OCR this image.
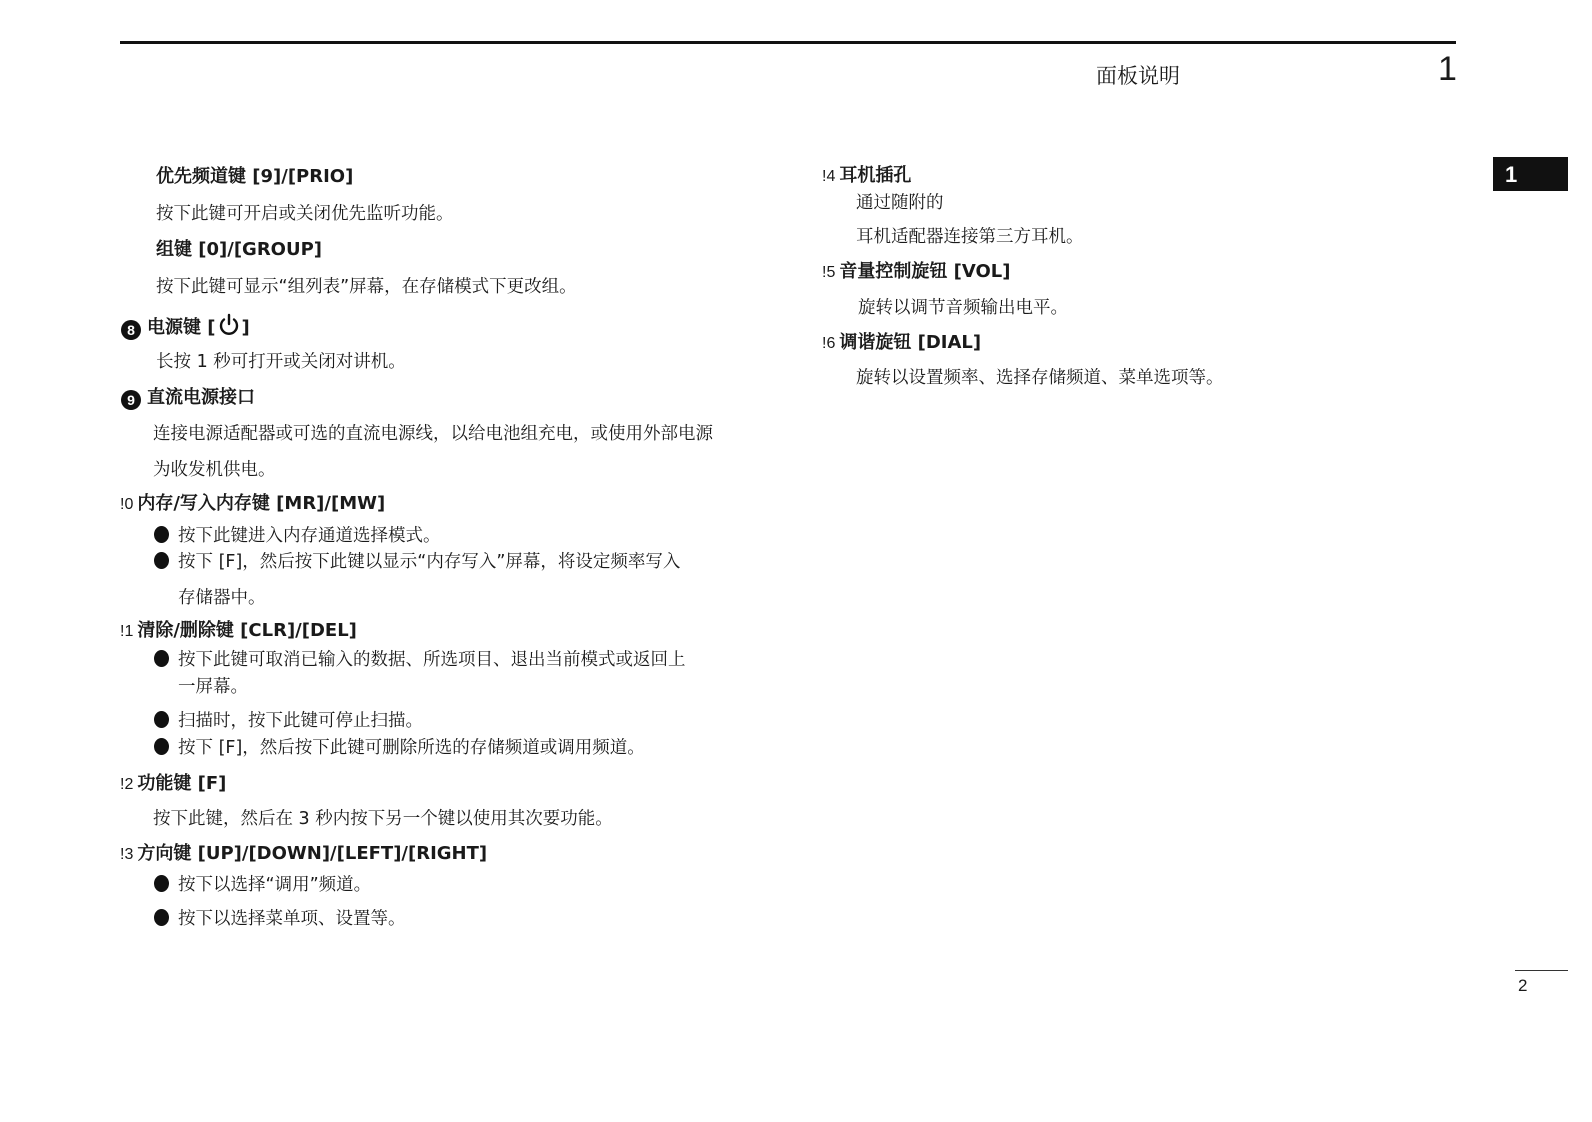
面板说明	1
1
优先频道键 [9]/[PRIO]
按下此键可开启或关闭优先监听功能。
组键 [0]/[GROUP]
按下此键可显示“组列表”屏幕，在存储模式下更改组。
8 电源键 [ ]
长按 1 秒可打开或关闭对讲机。
9 直流电源接口
连接电源适配器或可选的直流电源线，以给电池组充电，或使用外部电源
为收发机供电。
!0 内存/写入内存键 [MR]/[MW]
按下此键进入内存通道选择模式。
按下 [F]，然后按下此键以显示“内存写入”屏幕，将设定频率写入
存储器中。
!1 清除/删除键 [CLR]/[DEL]
按下此键可取消已输入的数据、所选项目、退出当前模式或返回上
一屏幕。
扫描时，按下此键可停止扫描。
按下 [F]，然后按下此键可删除所选的存储频道或调用频道。
!2 功能键 [F]
按下此键，然后在 3 秒内按下另一个键以使用其次要功能。
!3 方向键 [UP]/[DOWN]/[LEFT]/[RIGHT]
按下以选择“调用”频道。
按下以选择菜单项、设置等。
!4 耳机插孔
通过随附的
耳机适配器连接第三方耳机。
!5 音量控制旋钮 [VOL]
旋转以调节音频输出电平。
!6 调谐旋钮 [DIAL]
旋转以设置频率、选择存储频道、菜单选项等。
2
